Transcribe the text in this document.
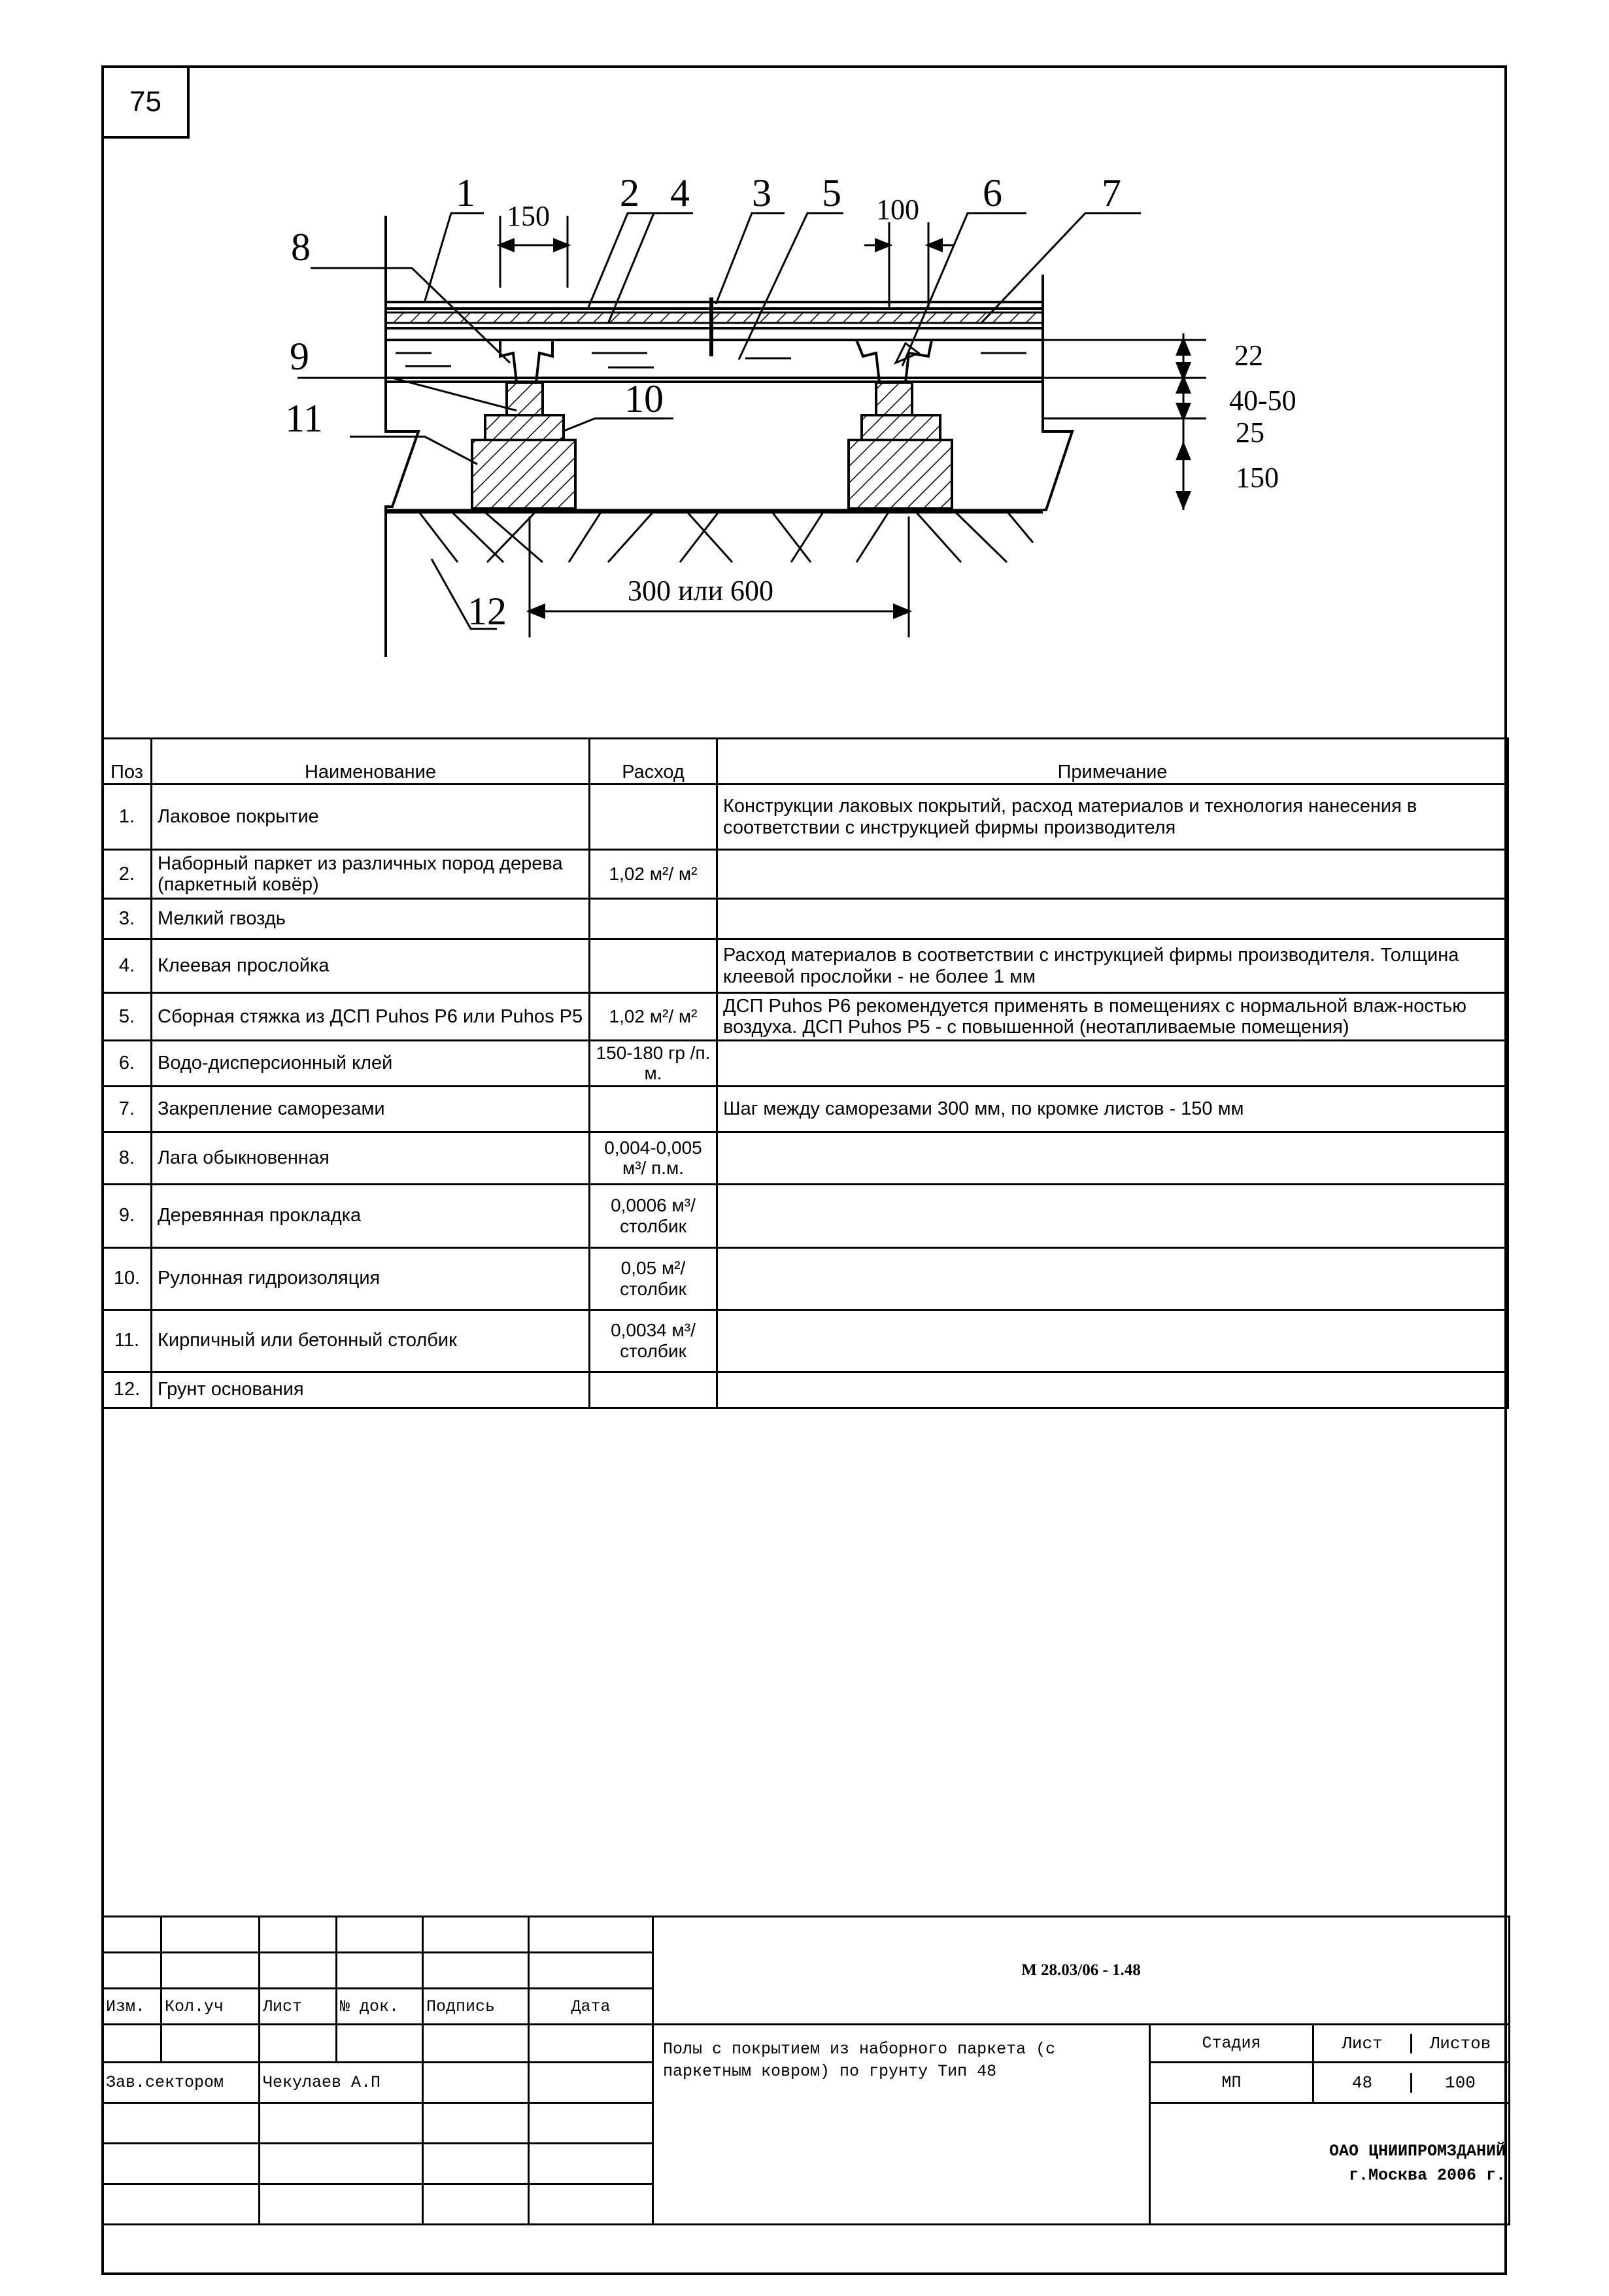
75
1	2 4 3 5	6	7
8
9
10
11
12
150	100
22
40-50
25
150
300 или 600
Поз	Наименование	Расход	Примечание
1.	Лаковое покрытие		Конструкции лаковых покрытий, расход материалов и технология нанесения в соответствии с инструкцией фирмы производителя
2.	Наборный паркет из различных пород дерева (паркетный ковёр)	1,02 м²/ м²	
3.	Мелкий гвоздь		
4.	Клеевая прослойка		Расход материалов в соответствии с инструкцией фирмы производителя. Толщина клеевой прослойки - не более 1 мм
5.	Сборная стяжка из ДСП Puhos P6 или Puhos P5	1,02 м²/ м²	ДСП Puhos P6 рекомендуется применять в помещениях с нормальной влаж-ностью воздуха. ДСП Puhos P5 - с повышенной (неотапливаемые помещения)
6.	Водо-дисперсионный клей	150-180 гр /п. м.	
7.	Закрепление саморезами		Шаг между саморезами 300 мм, по кромке листов - 150 мм
8.	Лага обыкновенная	0,004-0,005 м³/ п.м.	
9.	Деревянная прокладка	0,0006 м³/ столбик	
10.	Рулонная гидроизоляция	0,05 м²/ столбик	
11.	Кирпичный или бетонный столбик	0,0034 м³/ столбик	
12.	Грунт основания		
						М 28.03/06 - 1.48		

Изм.	Кол.уч	Лист	№ док.	Подпись	Дата			
						Полы с покрытием из наборного паркета (с паркетным ковром) по грунту Тип 48	Стадия	Лист Листов

Зав.сектором		Чекулаев А.П					МП	48 100

							ОАО ЦНИИПРОМЗДАНИЙ
г.Москва 2006 г.	
